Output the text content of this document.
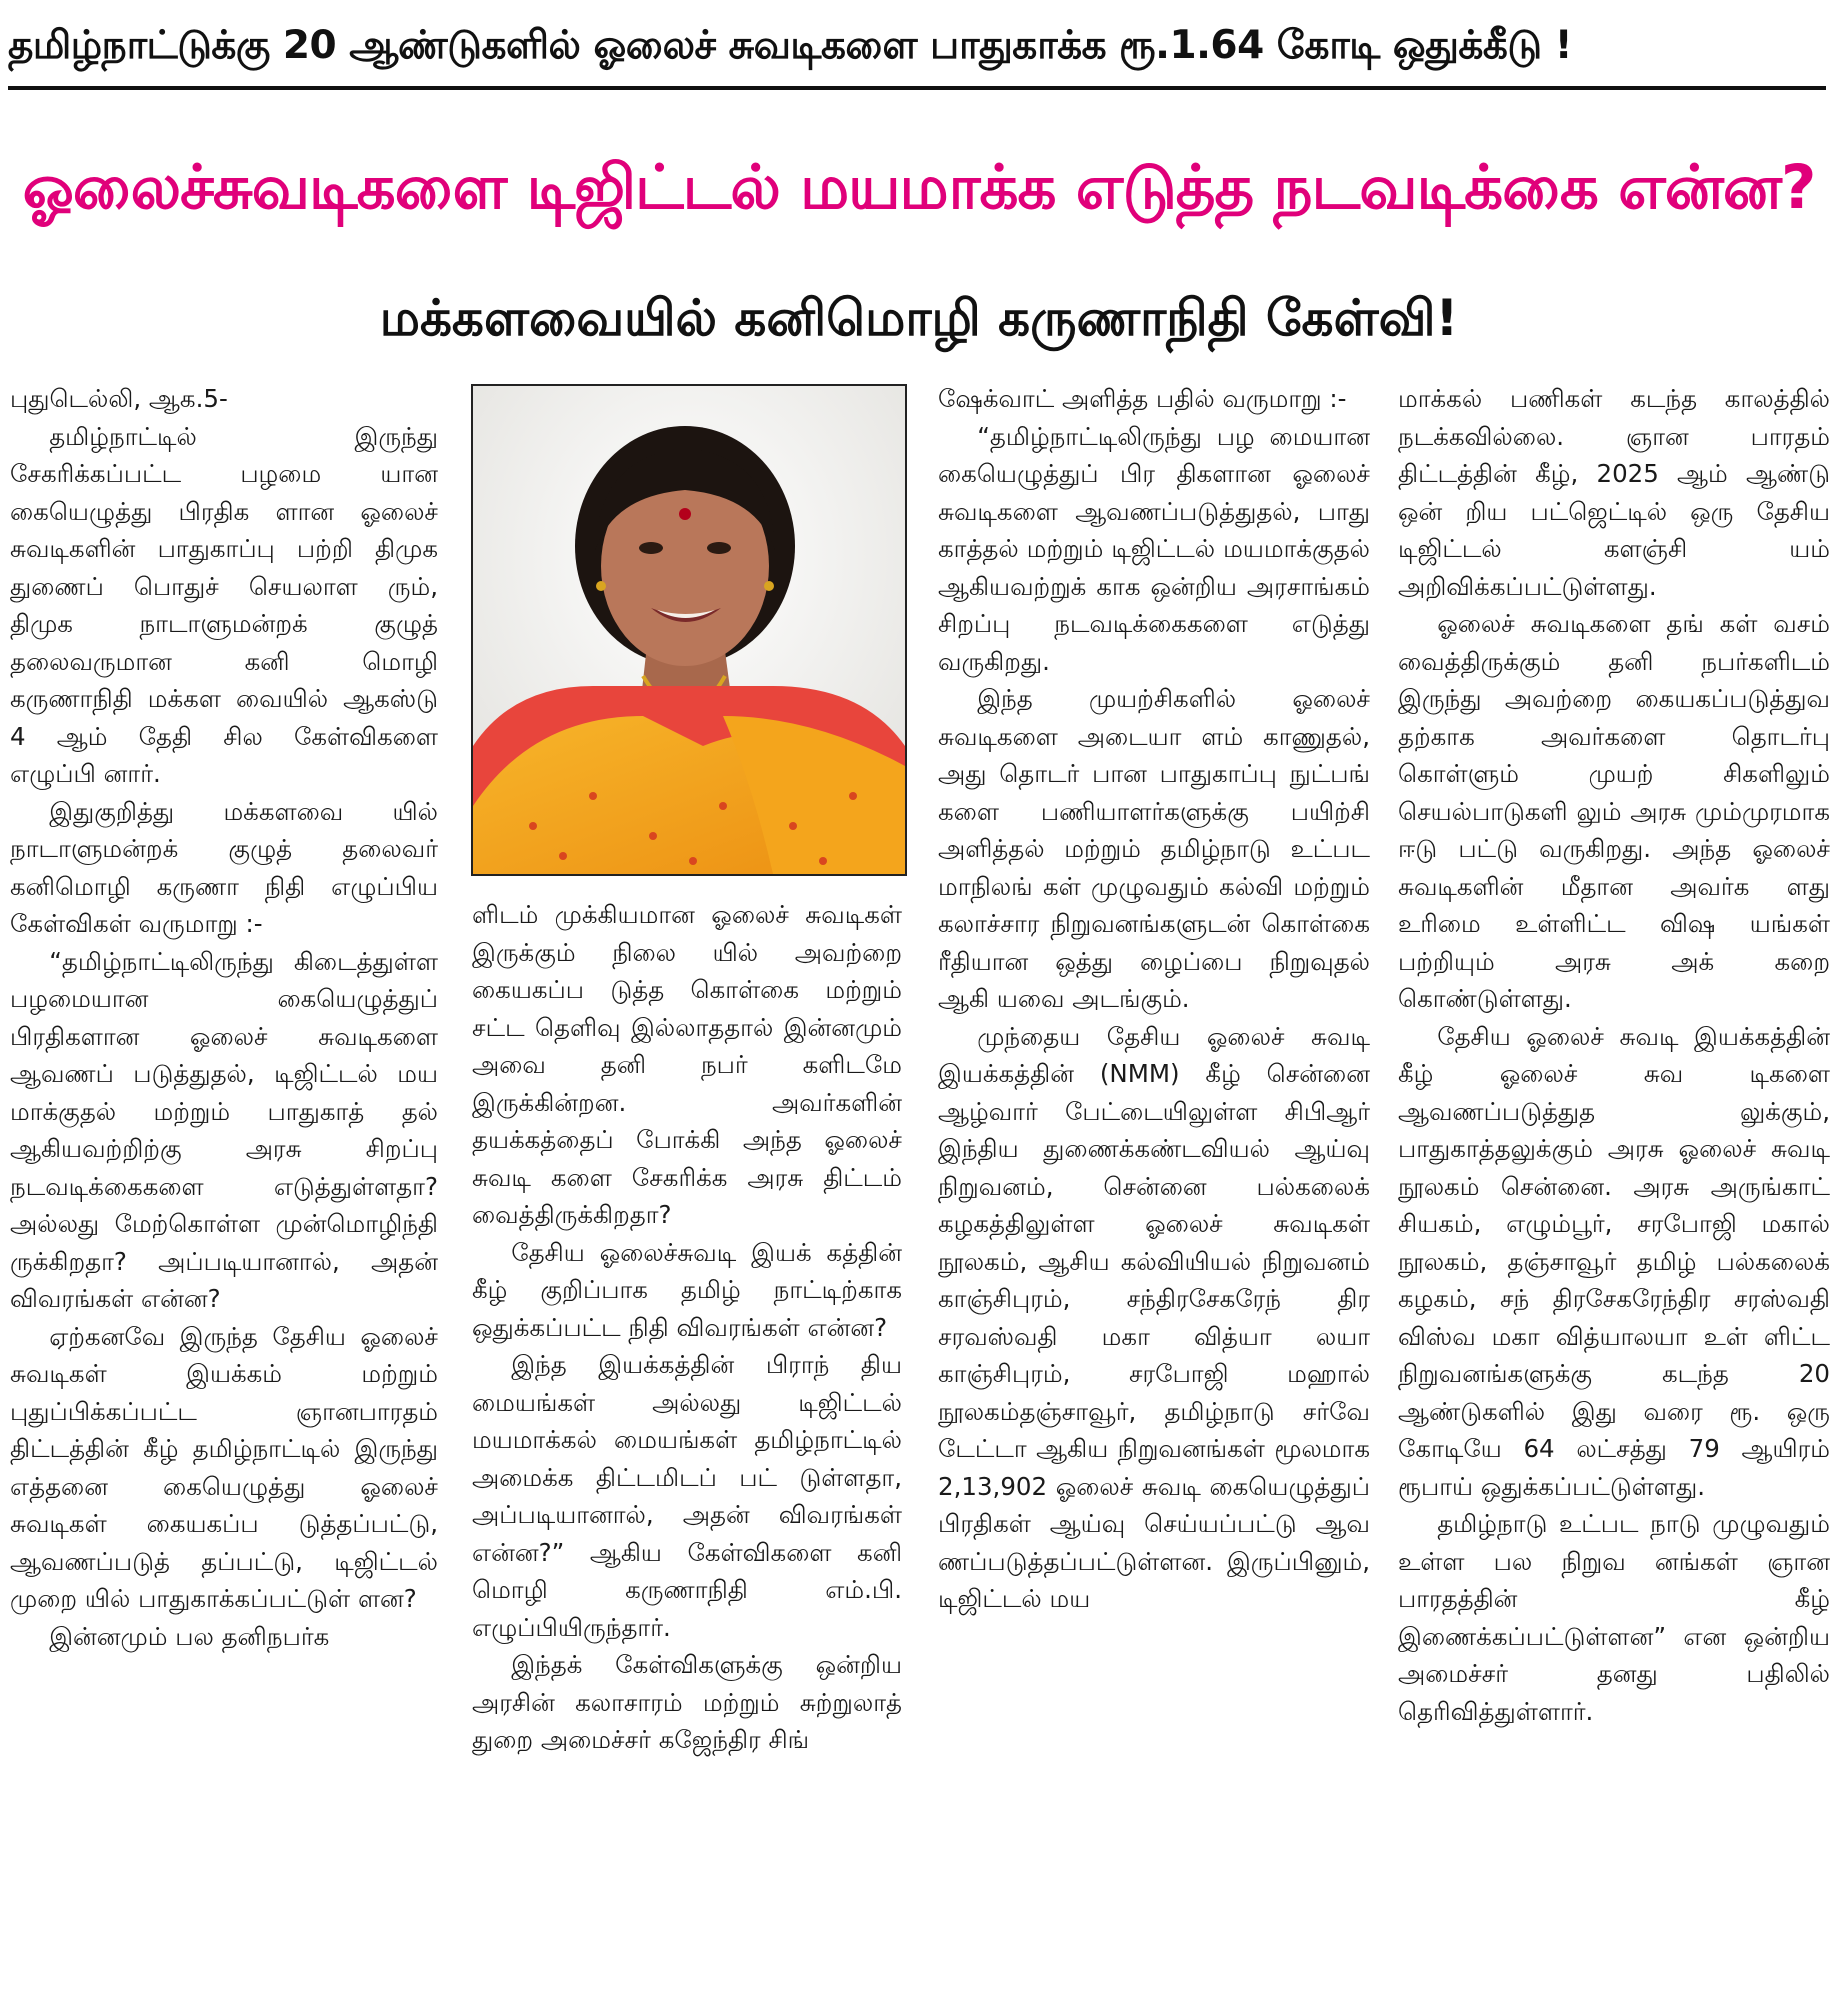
தமிழ்நாட்டுக்கு 20 ஆண்டுகளில் ஓலைச் சுவடிகளை பாதுகாக்க ரூ.1.64 கோடி ஒதுக்கீடு !
ஓலைச்சுவடிகளை டிஜிட்டல் மயமாக்க எடுத்த நடவடிக்கை என்ன?
மக்களவையில் கனிமொழி கருணாநிதி கேள்வி!

புதுடெல்லி, ஆக.5-

தமிழ்நாட்டில் இருந்து சேகரிக்கப்பட்ட பழமை யான கையெழுத்து பிரதிக ளான ஓலைச் சுவடிகளின் பாதுகாப்பு பற்றி திமுக துணைப் பொதுச் செயலாள ரும், திமுக நாடாளுமன்றக் குழுத் தலைவருமான கனி மொழி கருணாநிதி மக்கள வையில் ஆகஸ்டு 4 ஆம் தேதி சில கேள்விகளை எழுப்பி னார்.

இதுகுறித்து மக்களவை யில் நாடாளுமன்றக் குழுத் தலைவர் கனிமொழி கருணா நிதி எழுப்பிய கேள்விகள் வருமாறு :-

“தமிழ்நாட்டிலிருந்து கிடைத்துள்ள பழமையான கையெழுத்துப் பிரதிகளான ஓலைச் சுவடிகளை ஆவணப் படுத்துதல், டிஜிட்டல் மய மாக்குதல் மற்றும் பாதுகாத் தல் ஆகியவற்றிற்கு அரசு சிறப்பு நடவடிக்கைகளை எடுத்துள்ளதா? அல்லது மேற்கொள்ள முன்மொழிந்தி ருக்கிறதா? அப்படியானால், அதன் விவரங்கள் என்ன?

ஏற்கனவே இருந்த தேசிய ஓலைச் சுவடிகள் இயக்கம் மற்றும் புதுப்பிக்கப்பட்ட ஞானபாரதம் திட்டத்தின் கீழ் தமிழ்நாட்டில் இருந்து எத்தனை கையெழுத்து ஓலைச் சுவடிகள் கையகப்ப டுத்தப்பட்டு, ஆவணப்படுத் தப்பட்டு, டிஜிட்டல் முறை யில் பாதுகாக்கப்பட்டுள் ளன?

இன்னமும் பல தனிநபர்க

ளிடம் முக்கியமான ஓலைச் சுவடிகள் இருக்கும் நிலை யில் அவற்றை கையகப்ப டுத்த கொள்கை மற்றும் சட்ட தெளிவு இல்லாததால் இன்னமும் அவை தனி நபர் களிடமே இருக்கின்றன. அவர்களின் தயக்கத்தைப் போக்கி அந்த ஓலைச் சுவடி களை சேகரிக்க அரசு திட்டம் வைத்திருக்கிறதா?

தேசிய ஓலைச்சுவடி இயக் கத்தின் கீழ் குறிப்பாக தமிழ் நாட்டிற்காக ஒதுக்கப்பட்ட நிதி விவரங்கள் என்ன?

இந்த இயக்கத்தின் பிராந் திய மையங்கள் அல்லது டிஜிட்டல் மயமாக்கல் மையங்கள் தமிழ்நாட்டில் அமைக்க திட்டமிடப் பட் டுள்ளதா, அப்படியானால், அதன் விவரங்கள் என்ன?” ஆகிய கேள்விகளை கனி மொழி கருணாநிதி எம்.பி. எழுப்பியிருந்தார்.

இந்தக் கேள்விகளுக்கு ஒன்றிய அரசின் கலாசாரம் மற்றும் சுற்றுலாத் துறை அமைச்சர் கஜேந்திர சிங்

ஷேக்வாட் அளித்த பதில் வருமாறு :-

“தமிழ்நாட்டிலிருந்து பழ மையான கையெழுத்துப் பிர திகளான ஓலைச் சுவடிகளை ஆவணப்படுத்துதல், பாது காத்தல் மற்றும் டிஜிட்டல் மயமாக்குதல் ஆகியவற்றுக் காக ஒன்றிய அரசாங்கம் சிறப்பு நடவடிக்கைகளை எடுத்து வருகிறது.

இந்த முயற்சிகளில் ஓலைச் சுவடிகளை அடையா ளம் காணுதல், அது தொடர் பான பாதுகாப்பு நுட்பங் களை பணியாளர்களுக்கு பயிற்சி அளித்தல் மற்றும் தமிழ்நாடு உட்பட மாநிலங் கள் முழுவதும் கல்வி மற்றும் கலாச்சார நிறுவனங்களுடன் கொள்கை ரீதியான ஒத்து ழைப்பை நிறுவுதல் ஆகி யவை அடங்கும்.

முந்தைய தேசிய ஓலைச் சுவடி இயக்கத்தின் (NMM) கீழ் சென்னை ஆழ்வார் பேட்டையிலுள்ள சிபிஆர் இந்திய துணைக்கண்டவியல் ஆய்வு நிறுவனம், சென்னை பல்கலைக் கழகத்திலுள்ள ஓலைச் சுவடிகள் நூலகம், ஆசிய கல்வியியல் நிறுவனம் காஞ்சிபுரம், சந்திரசேகரேந் திர சரவஸ்வதி மகா வித்யா லயா காஞ்சிபுரம், சரபோஜி மஹால் நூலகம்தஞ்சாவூர், தமிழ்நாடு சர்வே டேட்டா ஆகிய நிறுவனங்கள் மூலமாக 2,13,902 ஓலைச் சுவடி கையெழுத்துப் பிரதிகள் ஆய்வு செய்யப்பட்டு ஆவ ணப்படுத்தப்பட்டுள்ளன. இருப்பினும், டிஜிட்டல் மய

மாக்கல் பணிகள் கடந்த காலத்தில் நடக்கவில்லை. ஞான பாரதம் திட்டத்தின் கீழ், 2025 ஆம் ஆண்டு ஒன் றிய பட்ஜெட்டில் ஒரு தேசிய டிஜிட்டல் களஞ்சி யம் அறிவிக்கப்பட்டுள்ளது.

ஓலைச் சுவடிகளை தங் கள் வசம் வைத்திருக்கும் தனி நபர்களிடம் இருந்து அவற்றை கையகப்படுத்துவ தற்காக அவர்களை தொடர்பு கொள்ளும் முயற் சிகளிலும் செயல்பாடுகளி லும் அரசு மும்முரமாக ஈடு பட்டு வருகிறது. அந்த ஓலைச் சுவடிகளின் மீதான அவர்க ளது உரிமை உள்ளிட்ட விஷ யங்கள் பற்றியும் அரசு அக் கறை கொண்டுள்ளது.

தேசிய ஓலைச் சுவடி இயக்கத்தின் கீழ் ஓலைச் சுவ டிகளை ஆவணப்படுத்துத லுக்கும், பாதுகாத்தலுக்கும் அரசு ஓலைச் சுவடி நூலகம் சென்னை. அரசு அருங்காட் சியகம், எழும்பூர், சரபோஜி மகால் நூலகம், தஞ்சாவூர் தமிழ் பல்கலைக் கழகம், சந் திரசேகரேந்திர சரஸ்வதி விஸ்வ மகா வித்யாலயா உள் ளிட்ட நிறுவனங்களுக்கு கடந்த 20 ஆண்டுகளில் இது வரை ரூ. ஒரு கோடியே 64 லட்சத்து 79 ஆயிரம் ரூபாய் ஒதுக்கப்பட்டுள்ளது.

தமிழ்நாடு உட்பட நாடு முழுவதும் உள்ள பல நிறுவ னங்கள் ஞான பாரதத்தின் கீழ் இணைக்கப்பட்டுள்ளன” என ஒன்றிய அமைச்சர் தனது பதிலில் தெரிவித்துள்ளார்.
